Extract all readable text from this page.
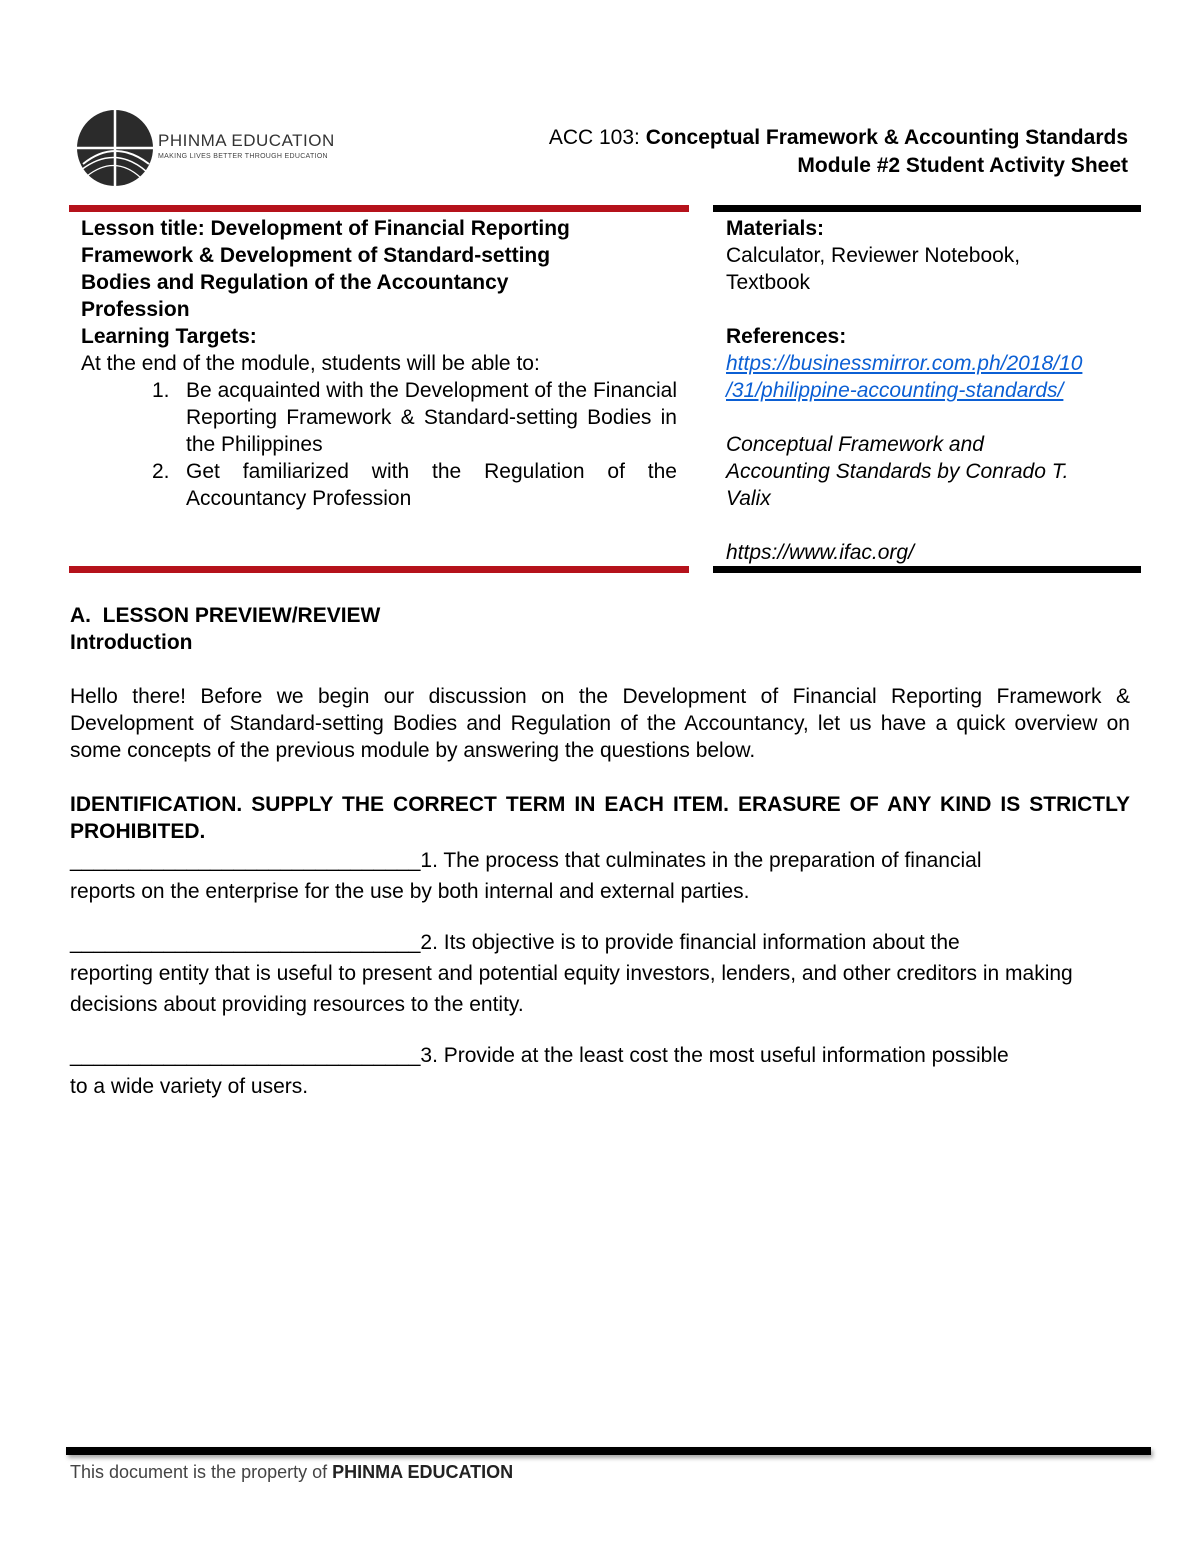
PHINMA EDUCATION
MAKING LIVES BETTER THROUGH EDUCATION
ACC 103: Conceptual Framework & Accounting Standards
Module #2 Student Activity Sheet
Lesson title: Development of Financial Reporting
Framework & Development of Standard-setting
Bodies and Regulation of the Accountancy
Profession
Learning Targets:
At the end of the module, students will be able to:
1. Be acquainted with the Development of the Financial Reporting Framework & Standard-setting Bodies in the Philippines
2. Get familiarized with the Regulation of the Accountancy Profession
Materials:
Calculator, Reviewer Notebook,
Textbook
References:
https://businessmirror.com.ph/2018/10
/31/philippine-accounting-standards/
Conceptual Framework and
Accounting Standards by Conrado T.
Valix
https://www.ifac.org/

A.  LESSON PREVIEW/REVIEW

Introduction

Hello there! Before we begin our discussion on the Development of Financial Reporting Framework & Development of Standard-setting Bodies and Regulation of the Accountancy, let us have a quick overview on some concepts of the previous module by answering the questions below.

IDENTIFICATION. SUPPLY THE CORRECT TERM IN EACH ITEM. ERASURE OF ANY KIND IS STRICTLY PROHIBITED.

______________________________1. The process that culminates in the preparation of financial
reports on the enterprise for the use by both internal and external parties.

______________________________2. Its objective is to provide financial information about the
reporting entity that is useful to present and potential equity investors, lenders, and other creditors in making decisions about providing resources to the entity.

______________________________3. Provide at the least cost the most useful information possible
to a wide variety of users.
This document is the property of PHINMA EDUCATION
